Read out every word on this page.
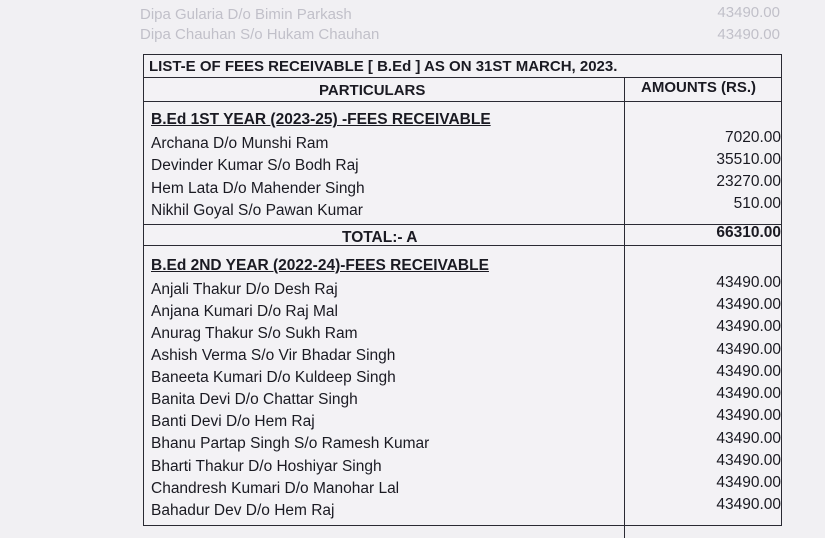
Dipa Gularia D/o Bimin Parkash	43490.00
Dipa Chauhan S/o Hukam Chauhan	43490.00
LIST-E OF FEES RECEIVABLE [ B.Ed ] AS ON 31ST MARCH, 2023.
PARTICULARS	AMOUNTS (RS.)
B.Ed 1ST YEAR (2023-25) -FEES RECEIVABLE
Archana D/o Munshi Ram	7020.00
Devinder Kumar S/o Bodh Raj	35510.00
Hem Lata D/o Mahender Singh	23270.00
Nikhil Goyal S/o Pawan Kumar	510.00
TOTAL:- A	66310.00
B.Ed 2ND YEAR (2022-24)-FEES RECEIVABLE
Anjali Thakur D/o Desh Raj	43490.00
Anjana Kumari D/o Raj Mal	43490.00
Anurag Thakur S/o Sukh Ram	43490.00
Ashish Verma S/o Vir Bhadar Singh	43490.00
Baneeta Kumari D/o Kuldeep Singh	43490.00
Banita Devi D/o Chattar Singh	43490.00
Banti Devi D/o Hem Raj	43490.00
Bhanu Partap Singh S/o Ramesh Kumar	43490.00
Bharti Thakur D/o Hoshiyar Singh	43490.00
Chandresh Kumari D/o Manohar Lal	43490.00
Bahadur Dev D/o Hem Raj	43490.00
